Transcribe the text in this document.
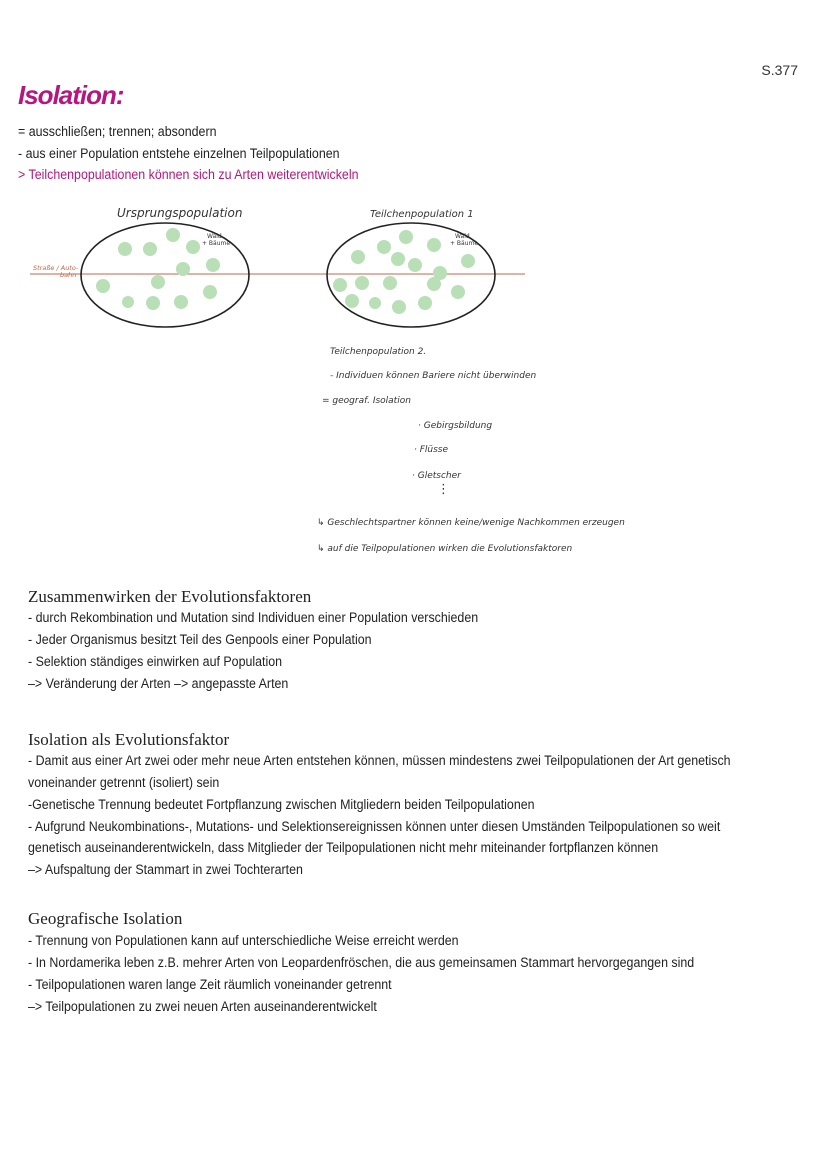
S.377
Isolation:
= ausschließen; trennen; absondern
- aus einer Population entstehe einzelnen Teilpopulationen
> Teilchenpopulationen können sich zu Arten weiterentwickeln
Ursprungspopulation	Teilchenpopulation 1
Wald
+ Bäume
Wald
+ Bäume
Straße / Auto-
bahn
Teilchenpopulation 2.
- Individuen können Bariere nicht überwinden
= geograf. Isolation
· Gebirgsbildung
· Flüsse
· Gletscher
⋮
↳ Geschlechtspartner können keine/wenige Nachkommen erzeugen
↳ auf die Teilpopulationen wirken die Evolutionsfaktoren
Zusammenwirken der Evolutionsfaktoren
- durch Rekombination und Mutation sind Individuen einer Population verschieden
- Jeder Organismus besitzt Teil des Genpools einer Population
- Selektion ständiges einwirken auf Population
–> Veränderung der Arten –> angepasste Arten
Isolation als Evolutionsfaktor
- Damit aus einer Art zwei oder mehr neue Arten entstehen können, müssen mindestens zwei Teilpopulationen der Art genetisch
voneinander getrennt (isoliert) sein
-Genetische Trennung bedeutet Fortpflanzung zwischen Mitgliedern beiden Teilpopulationen
- Aufgrund Neukombinations-, Mutations- und Selektionsereignissen können unter diesen Umständen Teilpopulationen so weit
genetisch auseinanderentwickeln, dass Mitglieder der Teilpopulationen nicht mehr miteinander fortpflanzen können
–> Aufspaltung der Stammart in zwei Tochterarten
Geografische Isolation
- Trennung von Populationen kann auf unterschiedliche Weise erreicht werden
- In Nordamerika leben z.B. mehrer Arten von Leopardenfröschen, die aus gemeinsamen Stammart hervorgegangen sind
- Teilpopulationen waren lange Zeit räumlich voneinander getrennt
–> Teilpopulationen zu zwei neuen Arten auseinanderentwickelt
